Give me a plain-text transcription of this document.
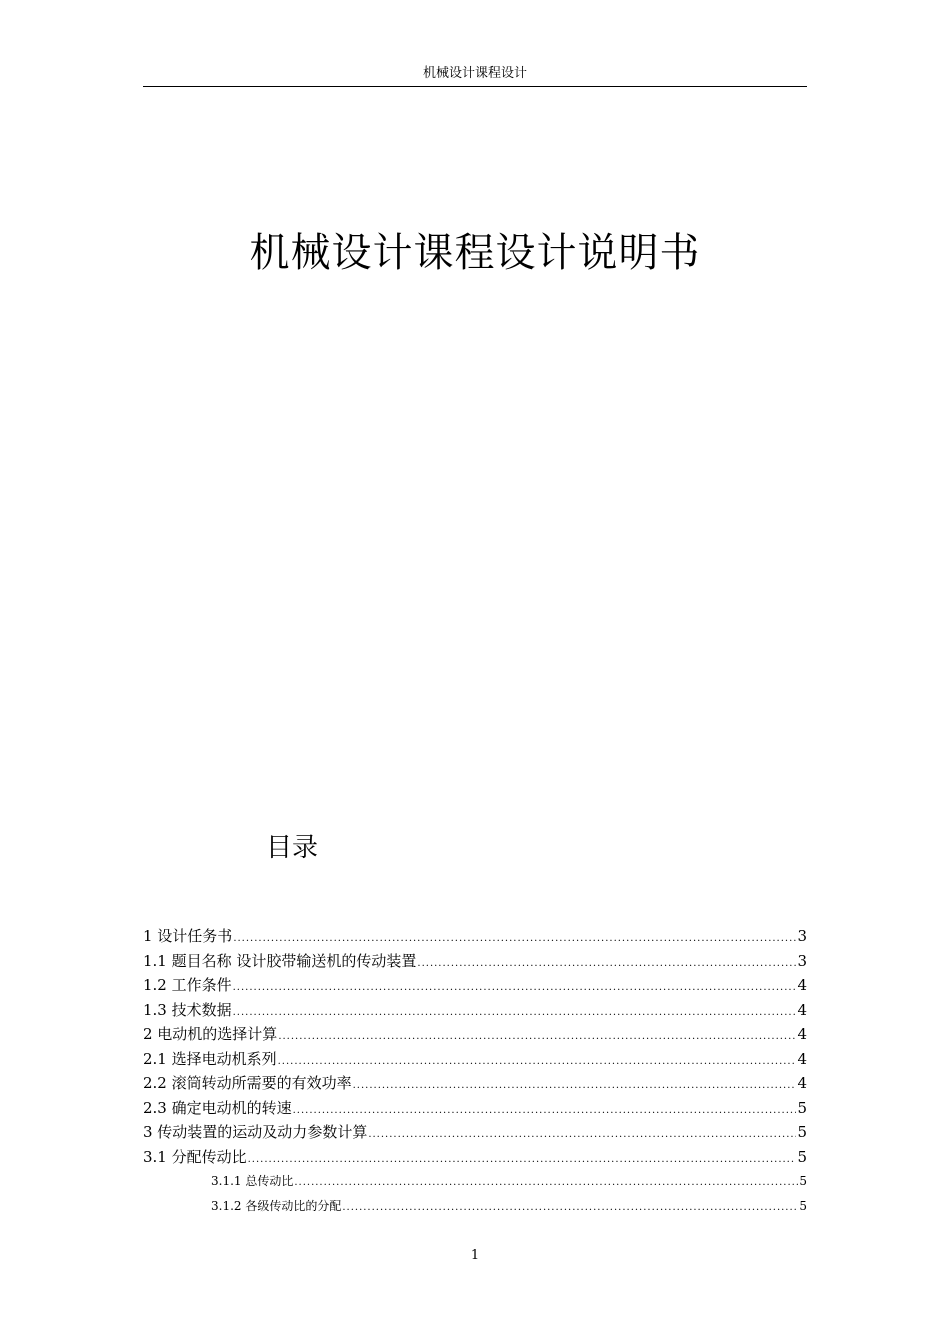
机械设计课程设计
机械设计课程设计说明书
目录
1 设计任务书 .....	3
1.1 题目名称 设计胶带输送机的传动装置 .....	3
1.2 工作条件 .....	4
1.3 技术数据 .....	4
2 电动机的选择计算 .....	4
2.1 选择电动机系列 .....	4
2.2 滚筒转动所需要的有效功率 .....	4
2.3 确定电动机的转速 .....	5
3 传动装置的运动及动力参数计算 .....	5
3.1 分配传动比 .....	5
3.1.1 总传动比 .....	5
3.1.2 各级传动比的分配 .....	5
1
